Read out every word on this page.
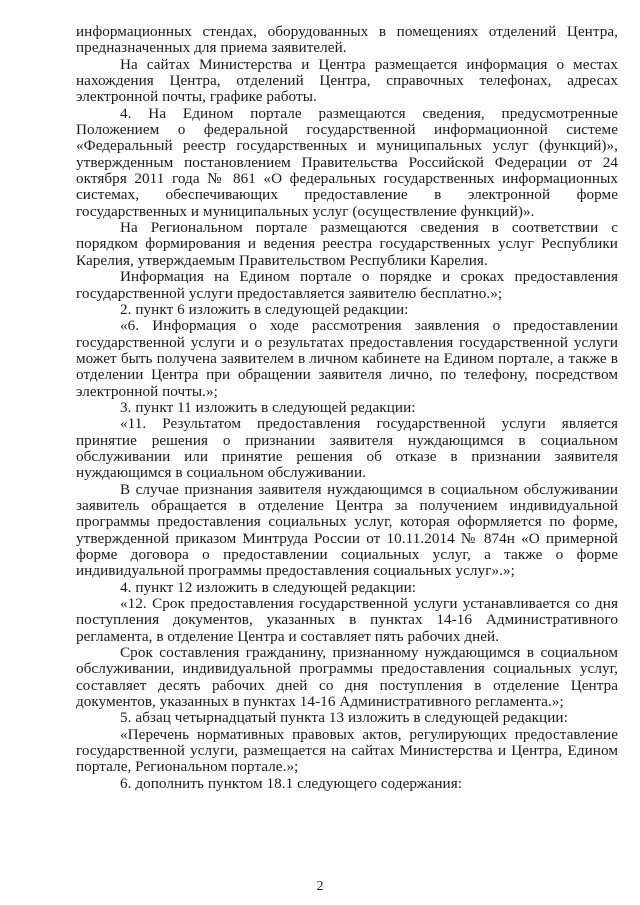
информационных стендах, оборудованных в помещениях отделений Центра, предназначенных для приема заявителей.

На сайтах Министерства и Центра размещается информация о местах нахождения Центра, отделений Центра, справочных телефонах, адресах электронной почты, графике работы.

4. На Едином портале размещаются сведения, предусмотренные Положением о федеральной государственной информационной системе «Федеральный реестр государственных и муниципальных услуг (функций)», утвержденным постановлением Правительства Российской Федерации от 24 октября 2011 года № 861 «О федеральных государственных информационных системах, обеспечивающих предоставление в электронной форме государственных и муниципальных услуг (осуществление функций)».

На Региональном портале размещаются сведения в соответствии с порядком формирования и ведения реестра государственных услуг Республики Карелия, утверждаемым Правительством Республики Карелия.

Информация на Едином портале о порядке и сроках предоставления государственной услуги предоставляется заявителю бесплатно.»;

2. пункт 6 изложить в следующей редакции:

«6. Информация о ходе рассмотрения заявления о предоставлении государственной услуги и о результатах предоставления государственной услуги может быть получена заявителем в личном кабинете на Едином портале, а также в отделении Центра при обращении заявителя лично, по телефону, посредством электронной почты.»;

3. пункт 11 изложить в следующей редакции:

«11. Результатом предоставления государственной услуги является принятие решения о признании заявителя нуждающимся в социальном обслуживании или принятие решения об отказе в признании заявителя нуждающимся в социальном обслуживании.

В случае признания заявителя нуждающимся в социальном обслуживании заявитель обращается в отделение Центра за получением индивидуальной программы предоставления социальных услуг, которая оформляется по форме, утвержденной приказом Минтруда России от 10.11.2014 № 874н «О примерной форме договора о предоставлении социальных услуг, а также о форме индивидуальной программы предоставления социальных услуг».»;

4. пункт 12 изложить в следующей редакции:

«12. Срок предоставления государственной услуги устанавливается со дня поступления документов, указанных в пунктах 14-16 Административного регламента, в отделение Центра и составляет пять рабочих дней.

Срок составления гражданину, признанному нуждающимся в социальном обслуживании, индивидуальной программы предоставления социальных услуг, составляет десять рабочих дней со дня поступления в отделение Центра документов, указанных в пунктах 14-16 Административного регламента.»;

5. абзац четырнадцатый пункта 13 изложить в следующей редакции:

«Перечень нормативных правовых актов, регулирующих предоставление государственной услуги, размещается на сайтах Министерства и Центра, Едином портале, Региональном портале.»;

6. дополнить пунктом 18.1 следующего содержания:

2
